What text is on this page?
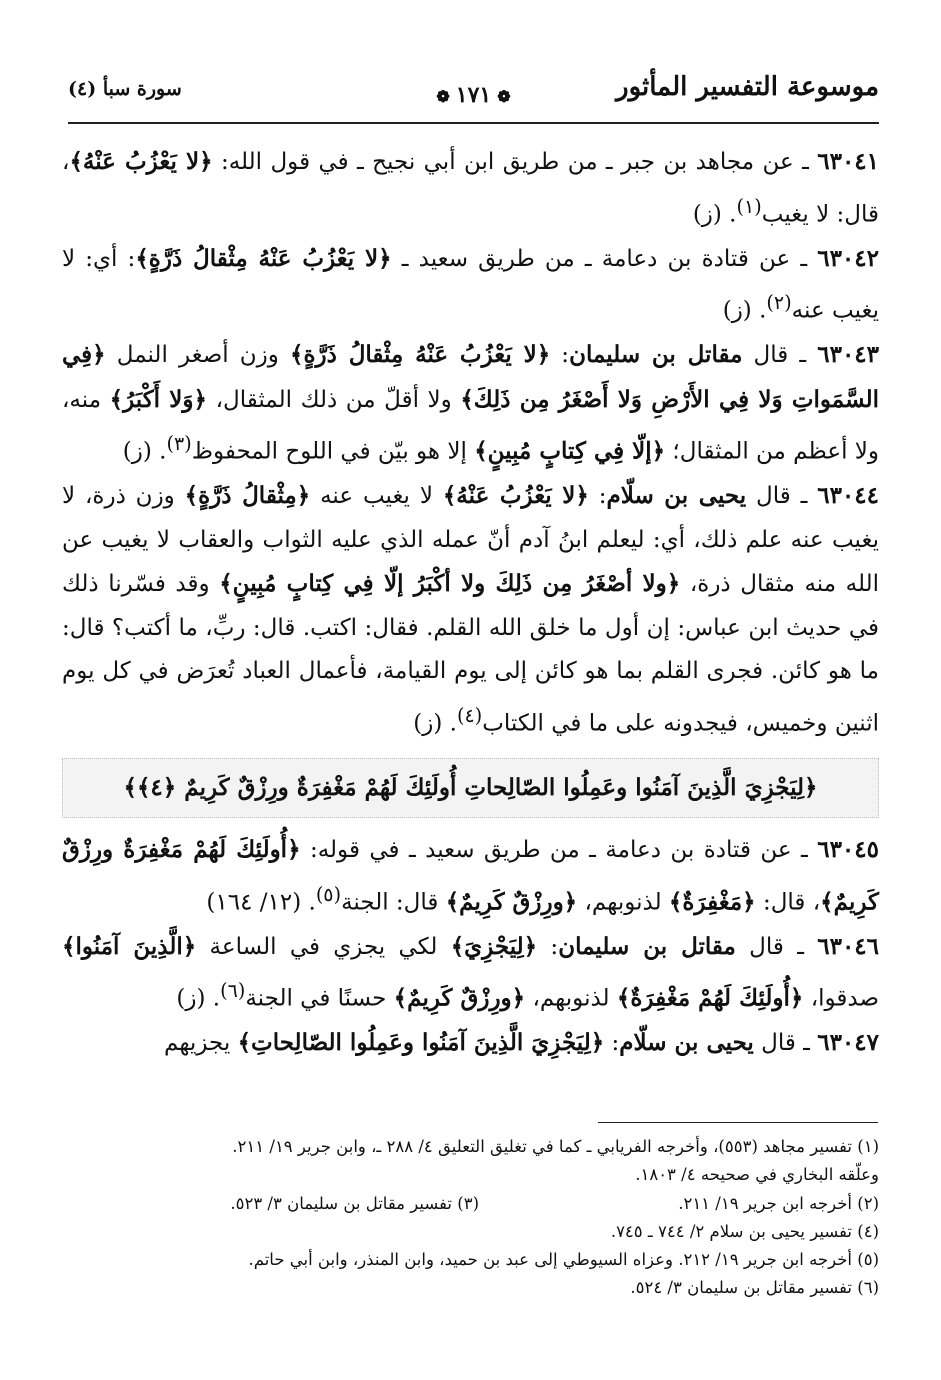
موسوعة التفسير المأثور
❁١٧١❁
سورة سبأ (٤)

٦٣٠٤١ ـ عن مجاهد بن جبر ـ من طريق ابن أبي نجيح ـ في قول الله: ﴿لا يَعْزُبُ عَنْهُ﴾، قال: لا يغيب$^{(١)}$. (ز)

٦٣٠٤٢ ـ عن قتادة بن دعامة ـ من طريق سعيد ـ ﴿لا يَعْزُبُ عَنْهُ مِثْقالُ ذَرَّةٍ﴾: أي: لا يغيب عنه$^{(٢)}$. (ز)

٦٣٠٤٣ ـ قال مقاتل بن سليمان: ﴿لا يَعْزُبُ عَنْهُ مِثْقالُ ذَرَّةٍ﴾ وزن أصغر النمل ﴿فِي السَّمَواتِ وَلا فِي الأَرْضِ وَلا أَصْغَرُ مِن ذَلِكَ﴾ ولا أقلّ من ذلك المثقال، ﴿وَلا أَكْبَرُ﴾ منه، ولا أعظم من المثقال؛ ﴿إلّا فِي كِتابٍ مُبِينٍ﴾ إلا هو بيّن في اللوح المحفوظ$^{(٣)}$. (ز)

٦٣٠٤٤ ـ قال يحيى بن سلّام: ﴿لا يَعْزُبُ عَنْهُ﴾ لا يغيب عنه ﴿مِثْقالُ ذَرَّةٍ﴾ وزن ذرة، لا يغيب عنه علم ذلك، أي: ليعلم ابنُ آدم أنّ عمله الذي عليه الثواب والعقاب لا يغيب عن الله منه مثقال ذرة، ﴿ولا أصْغَرُ مِن ذَلِكَ ولا أكْبَرُ إلّا فِي كِتابٍ مُبِينٍ﴾ وقد فسّرنا ذلك في حديث ابن عباس: إن أول ما خلق الله القلم. فقال: اكتب. قال: ربِّ، ما أكتب؟ قال: ما هو كائن. فجرى القلم بما هو كائن إلى يوم القيامة، فأعمال العباد تُعرَض في كل يوم اثنين وخميس، فيجدونه على ما في الكتاب$^{(٤)}$. (ز)

﴿لِيَجْزِيَ الَّذِينَ آمَنُوا وعَمِلُوا الصّالِحاتِ أُولَئِكَ لَهُمْ مَغْفِرَةٌ ورِزْقٌ كَرِيمٌ ﴿٤﴾﴾

٦٣٠٤٥ ـ عن قتادة بن دعامة ـ من طريق سعيد ـ في قوله: ﴿أُولَئِكَ لَهُمْ مَغْفِرَةٌ ورِزْقٌ كَرِيمٌ﴾، قال: ﴿مَغْفِرَةٌ﴾ لذنوبهم، ﴿ورِزْقٌ كَرِيمٌ﴾ قال: الجنة$^{(٥)}$. (١٢/ ١٦٤)

٦٣٠٤٦ ـ قال مقاتل بن سليمان: ﴿لِيَجْزِيَ﴾ لكي يجزي في الساعة ﴿الَّذِينَ آمَنُوا﴾ صدقوا، ﴿أُولَئِكَ لَهُمْ مَغْفِرَةٌ﴾ لذنوبهم، ﴿ورِزْقٌ كَرِيمٌ﴾ حسنًا في الجنة$^{(٦)}$. (ز)

٦٣٠٤٧ ـ قال يحيى بن سلّام: ﴿لِيَجْزِيَ الَّذِينَ آمَنُوا وعَمِلُوا الصّالِحاتِ﴾ يجزيهم

(١) تفسير مجاهد (٥٥٣)، وأخرجه الفريابي ـ كما في تغليق التعليق ٤/ ٢٨٨ ـ، وابن جرير ١٩/ ٢١١.

وعلّقه البخاري في صحيحه ٤/ ١٨٠٣.

(٢) أخرجه ابن جرير ١٩/ ٢١١.
(٣) تفسير مقاتل بن سليمان ٣/ ٥٢٣.

(٤) تفسير يحيى بن سلام ٢/ ٧٤٤ ـ ٧٤٥.

(٥) أخرجه ابن جرير ١٩/ ٢١٢. وعزاه السيوطي إلى عبد بن حميد، وابن المنذر، وابن أبي حاتم.

(٦) تفسير مقاتل بن سليمان ٣/ ٥٢٤.
